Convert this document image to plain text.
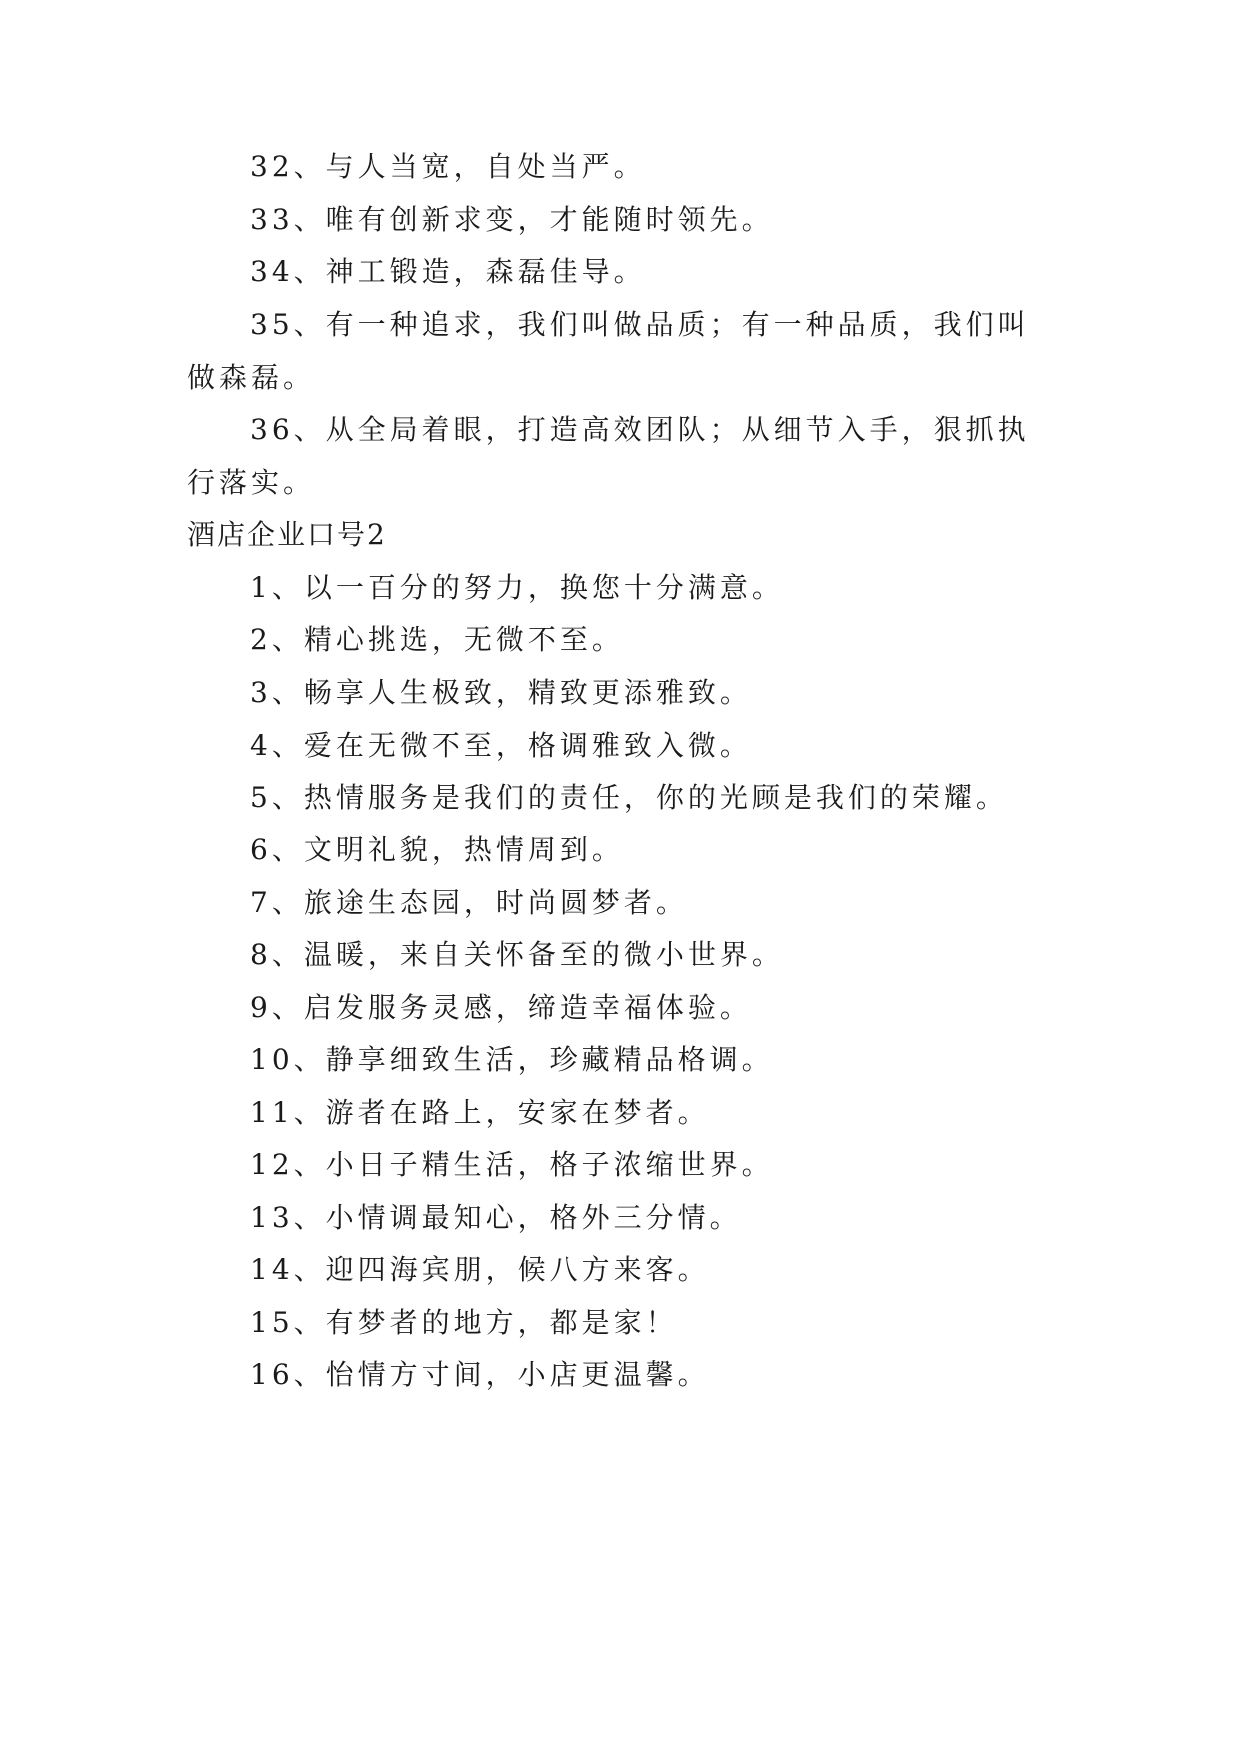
32、与人当宽，自处当严。
33、唯有创新求变，才能随时领先。
34、神工锻造，森磊佳导。
35、有一种追求，我们叫做品质；有一种品质，我们叫
做森磊。
36、从全局着眼，打造高效团队；从细节入手，狠抓执
行落实。
酒店企业口号2
1、以一百分的努力，换您十分满意。
2、精心挑选，无微不至。
3、畅享人生极致，精致更添雅致。
4、爱在无微不至，格调雅致入微。
5、热情服务是我们的责任，你的光顾是我们的荣耀。
6、文明礼貌，热情周到。
7、旅途生态园，时尚圆梦者。
8、温暖，来自关怀备至的微小世界。
9、启发服务灵感，缔造幸福体验。
10、静享细致生活，珍藏精品格调。
11、游者在路上，安家在梦者。
12、小日子精生活，格子浓缩世界。
13、小情调最知心，格外三分情。
14、迎四海宾朋，候八方来客。
15、有梦者的地方，都是家！
16、怡情方寸间，小店更温馨。
